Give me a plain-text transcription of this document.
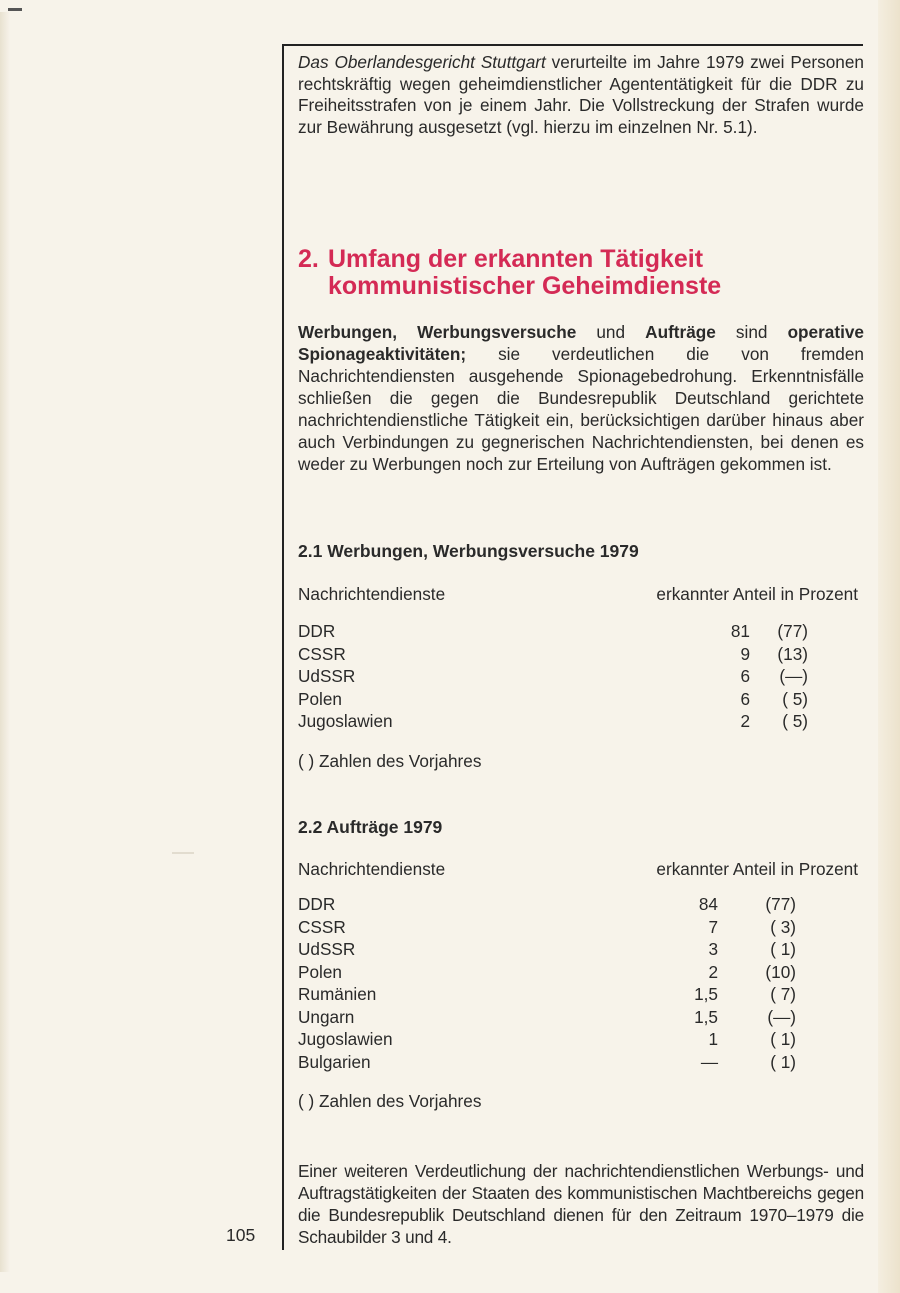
Das Oberlandesgericht Stuttgart verurteilte im Jahre 1979 zwei Personen rechtskräftig wegen geheimdienstlicher Agententätigkeit für die DDR zu Freiheitsstrafen von je einem Jahr. Die Vollstreckung der Strafen wurde zur Bewährung ausgesetzt (vgl. hierzu im einzelnen Nr. 5.1).

2. Umfang der erkannten Tätigkeit
kommunistischer Geheimdienste

Werbungen, Werbungsversuche und Aufträge sind operative Spionageaktivitäten; sie verdeutlichen die von fremden Nachrichtendiensten ausgehende Spionagebedrohung. Erkenntnisfälle schließen die gegen die Bundesrepublik Deutschland gerichtete nachrichtendienstliche Tätigkeit ein, berücksichtigen darüber hinaus aber auch Verbindungen zu gegnerischen Nachrichtendiensten, bei denen es weder zu Werbungen noch zur Erteilung von Aufträgen gekommen ist.

2.1 Werbungen, Werbungsversuche 1979
Nachrichtendienste	erkannter Anteil in Prozent
DDR	81	(77)
CSSR	9	(13)
UdSSR	6	(—)
Polen	6	( 5)
Jugoslawien	2	( 5)
( ) Zahlen des Vorjahres
2.2 Aufträge 1979
Nachrichtendienste	erkannter Anteil in Prozent
DDR	84	(77)
CSSR	7	( 3)
UdSSR	3	( 1)
Polen	2	(10)
Rumänien	1,5	( 7)
Ungarn	1,5	(—)
Jugoslawien	1	( 1)
Bulgarien	—	( 1)
( ) Zahlen des Vorjahres

Einer weiteren Verdeutlichung der nachrichtendienstlichen Werbungs- und Auftragstätigkeiten der Staaten des kommunistischen Machtbereichs gegen die Bundesrepublik Deutschland dienen für den Zeitraum 1970–1979 die Schaubilder 3 und 4.

105
